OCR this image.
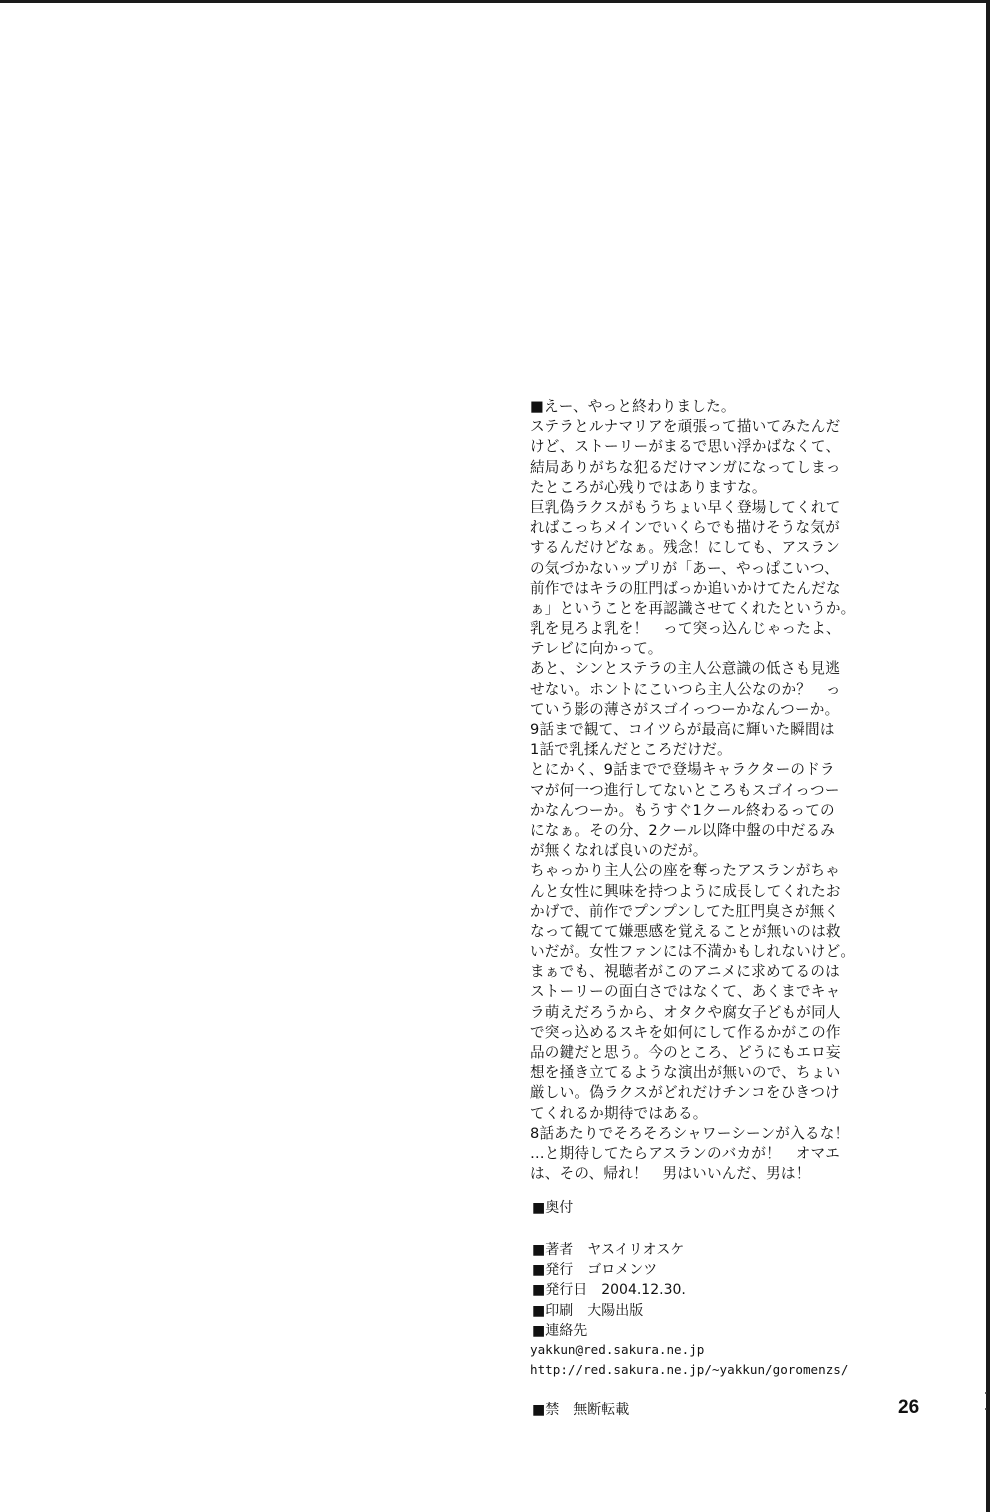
■えー、やっと終わりました。
ステラとルナマリアを頑張って描いてみたんだ
けど、ストーリーがまるで思い浮かばなくて、
結局ありがちな犯るだけマンガになってしまっ
たところが心残りではありますな。
巨乳偽ラクスがもうちょい早く登場してくれて
ればこっちメインでいくらでも描けそうな気が
するんだけどなぁ。残念！にしても、アスラン
の気づかないップリが「あー、やっぱこいつ、
前作ではキラの肛門ばっか追いかけてたんだな
ぁ」ということを再認識させてくれたというか。
乳を見ろよ乳を！　って突っ込んじゃったよ、
テレビに向かって。
あと、シンとステラの主人公意識の低さも見逃
せない。ホントにこいつら主人公なのか？　っ
ていう影の薄さがスゴイっつーかなんつーか。
9話まで観て、コイツらが最高に輝いた瞬間は
1話で乳揉んだところだけだ。
とにかく、9話までで登場キャラクターのドラ
マが何一つ進行してないところもスゴイっつー
かなんつーか。もうすぐ1クール終わるっての
になぁ。その分、2クール以降中盤の中だるみ
が無くなれば良いのだが。
ちゃっかり主人公の座を奪ったアスランがちゃ
んと女性に興味を持つように成長してくれたお
かげで、前作でプンプンしてた肛門臭さが無く
なって観てて嫌悪感を覚えることが無いのは救
いだが。女性ファンには不満かもしれないけど。
まぁでも、視聴者がこのアニメに求めてるのは
ストーリーの面白さではなくて、あくまでキャ
ラ萌えだろうから、オタクや腐女子どもが同人
で突っ込めるスキを如何にして作るかがこの作
品の鍵だと思う。今のところ、どうにもエロ妄
想を掻き立てるような演出が無いので、ちょい
厳しい。偽ラクスがどれだけチンコをひきつけ
てくれるか期待ではある。
8話あたりでそろそろシャワーシーンが入るな！
…と期待してたらアスランのバカが！　オマエ
は、その、帰れ！　男はいいんだ、男は！
■奥付
■著者　ヤスイリオスケ
■発行　ゴロメンツ
■発行日　2004.12.30.
■印刷　大陽出版
■連絡先
yakkun@red.sakura.ne.jp
http://red.sakura.ne.jp/~yakkun/goromenzs/
■禁　無断転載	26
